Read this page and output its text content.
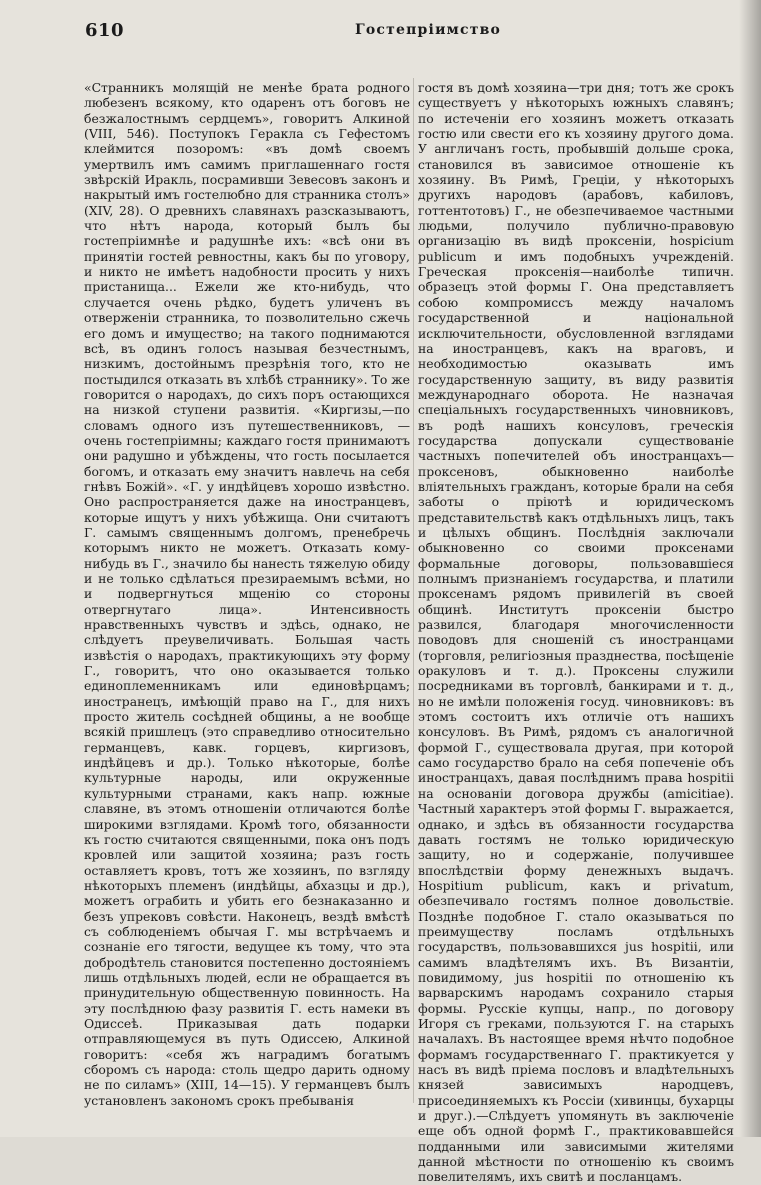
610	Гостепріимство

«Странникъ молящій не менѣе брата родного любезенъ всякому, кто одаренъ отъ боговъ не безжалостнымъ сердцемъ», говоритъ Алкиной (VIII, 546). Поступокъ Геракла съ Гефестомъ клеймится позоромъ: «въ домѣ своемъ умертвилъ имъ самимъ приглашеннаго гостя звѣрскій Иракль, посрамивши Зевесовъ законъ и накрытый имъ гостелюбно для странника столъ» (XIV, 28). О древнихъ славянахъ разсказываютъ, что нѣтъ народа, который былъ бы гостепріимнѣе и радушнѣе ихъ: «всѣ они въ принятіи гостей ревностны, какъ бы по уговору, и никто не имѣетъ надобности просить у нихъ пристанища... Ежели же кто-нибудь, что случается очень рѣдко, будетъ уличенъ въ отверженіи странника, то позволительно сжечь его домъ и имущество; на такого поднимаются всѣ, въ одинъ голосъ называя безчестнымъ, низкимъ, достойнымъ презрѣнія того, кто не постыдился отказать въ хлѣбѣ страннику». То же говорится о народахъ, до сихъ поръ остающихся на низкой ступени развитія. «Киргизы,—по словамъ одного изъ путешественниковъ, — очень гостепріимны; каждаго гостя принимаютъ они радушно и убѣждены, что гость посылается богомъ, и отказать ему значитъ навлечь на себя гнѣвъ Божій». «Г. у индѣйцевъ хорошо извѣстно. Оно распространяется даже на иностранцевъ, которые ищутъ у нихъ убѣжища. Они считаютъ Г. самымъ священнымъ долгомъ, пренебречь которымъ никто не можетъ. Отказать кому-нибудь въ Г., значило бы нанесть тяжелую обиду и не только сдѣлаться презираемымъ всѣми, но и подвергнуться мщенію со стороны отвергнутаго лица». Интенсивность нравственныхъ чувствъ и здѣсь, однако, не слѣдуетъ преувеличивать. Большая часть извѣстія о народахъ, практикующихъ эту форму Г., говоритъ, что оно оказывается только единоплеменникамъ или единовѣрцамъ; иностранецъ, имѣющій право на Г., для нихъ просто житель сосѣдней общины, а не вообще всякій пришлецъ (это справедливо относительно германцевъ, кавк. горцевъ, киргизовъ, индѣйцевъ и др.). Только нѣкоторые, болѣе культурные народы, или окруженные культурными странами, какъ напр. южные славяне, въ этомъ отношеніи отличаются болѣе широкими взглядами. Кромѣ того, обязанности къ гостю считаются священными, пока онъ подъ кровлей или защитой хозяина; разъ гость оставляетъ кровъ, тотъ же хозяинъ, по взгляду нѣкоторыхъ племенъ (индѣйцы, абхазцы и др.), можетъ ограбить и убить его безнаказанно и безъ упрековъ совѣсти. Наконецъ, вездѣ вмѣстѣ съ соблюденіемъ обычая Г. мы встрѣчаемъ и сознаніе его тягости, ведущее къ тому, что эта добродѣтель становится постепенно достояніемъ лишь отдѣльныхъ людей, если не обращается въ принудительную общественную повинность. На эту послѣднюю фазу развитія Г. есть намеки въ Одиссеѣ. Приказывая дать подарки отправляющемуся въ путь Одиссею, Алкиной говоритъ: «себя жъ наградимъ богатымъ сборомъ съ народа: столь щедро дарить одному не по силамъ» (XIII, 14—15). У германцевъ былъ установленъ закономъ срокъ пребыванія

гостя въ домѣ хозяина—три дня; тотъ же срокъ существуетъ у нѣкоторыхъ южныхъ славянъ; по истеченіи его хозяинъ можетъ отказать гостю или свести его къ хозяину другого дома. У англичанъ гость, пробывшій дольше срока, становился въ зависимое отношеніе къ хозяину. Въ Римѣ, Греціи, у нѣкоторыхъ другихъ народовъ (арабовъ, кабиловъ, готтентотовъ) Г., не обезпечиваемое частными людьми, получило публично-правовую организацію въ видѣ проксеніи, hospicium publicum и имъ подобныхъ учрежденій. Греческая проксенія—наиболѣе типичн. образецъ этой формы Г. Она представляетъ собою компромиссъ между началомъ государственной и національной исключительности, обусловленной взглядами на иностранцевъ, какъ на враговъ, и необходимостью оказывать имъ государственную защиту, въ виду развитія международнаго оборота. Не назначая спеціальныхъ государственныхъ чиновниковъ, въ родѣ нашихъ консуловъ, греческія государства допускали существованіе частныхъ попечителей объ иностранцахъ—проксеновъ, обыкновенно наиболѣе вліятельныхъ гражданъ, которые брали на себя заботы о пріютѣ и юридическомъ представительствѣ какъ отдѣльныхъ лицъ, такъ и цѣлыхъ общинъ. Послѣднія заключали обыкновенно со своими проксенами формальные договоры, пользовавшіеся полнымъ признаніемъ государства, и платили проксенамъ рядомъ привилегій въ своей общинѣ. Институтъ проксеніи быстро развился, благодаря многочисленности поводовъ для сношеній съ иностранцами (торговля, религіозныя празднества, посѣщеніе оракуловъ и т. д.). Проксены служили посредниками въ торговлѣ, банкирами и т. д., но не имѣли положенія госуд. чиновниковъ: въ этомъ состоитъ ихъ отличіе отъ нашихъ консуловъ. Въ Римѣ, рядомъ съ аналогичной формой Г., существовала другая, при которой само государство брало на себя попеченіе объ иностранцахъ, давая послѣднимъ права hospitii на основаніи договора дружбы (amicitiae). Частный характеръ этой формы Г. выражается, однако, и здѣсь въ обязанности государства давать гостямъ не только юридическую защиту, но и содержаніе, получившее впослѣдствіи форму денежныхъ выдачъ. Hospitium publicum, какъ и privatum, обезпечивало гостямъ полное довольствіе. Позднѣе подобное Г. стало оказываться по преимуществу посламъ отдѣльныхъ государствъ, пользовавшихся jus hospitii, или самимъ владѣтелямъ ихъ. Въ Византіи, повидимому, jus hospitii по отношенію къ варварскимъ народамъ сохранило старыя формы. Русскіе купцы, напр., по договору Игоря съ греками, пользуются Г. на старыхъ началахъ. Въ настоящее время нѣчто подобное формамъ государственнаго Г. практикуется у насъ въ видѣ пріема пословъ и владѣтельныхъ князей зависимыхъ народцевъ, присоединяемыхъ къ Россіи (хивинцы, бухарцы и друг.).—Слѣдуетъ упомянуть въ заключеніе еще объ одной формѣ Г., практиковавшейся подданными или зависимыми жителями данной мѣстности по отношенію къ своимъ повелителямъ, ихъ свитѣ и посланцамъ.
